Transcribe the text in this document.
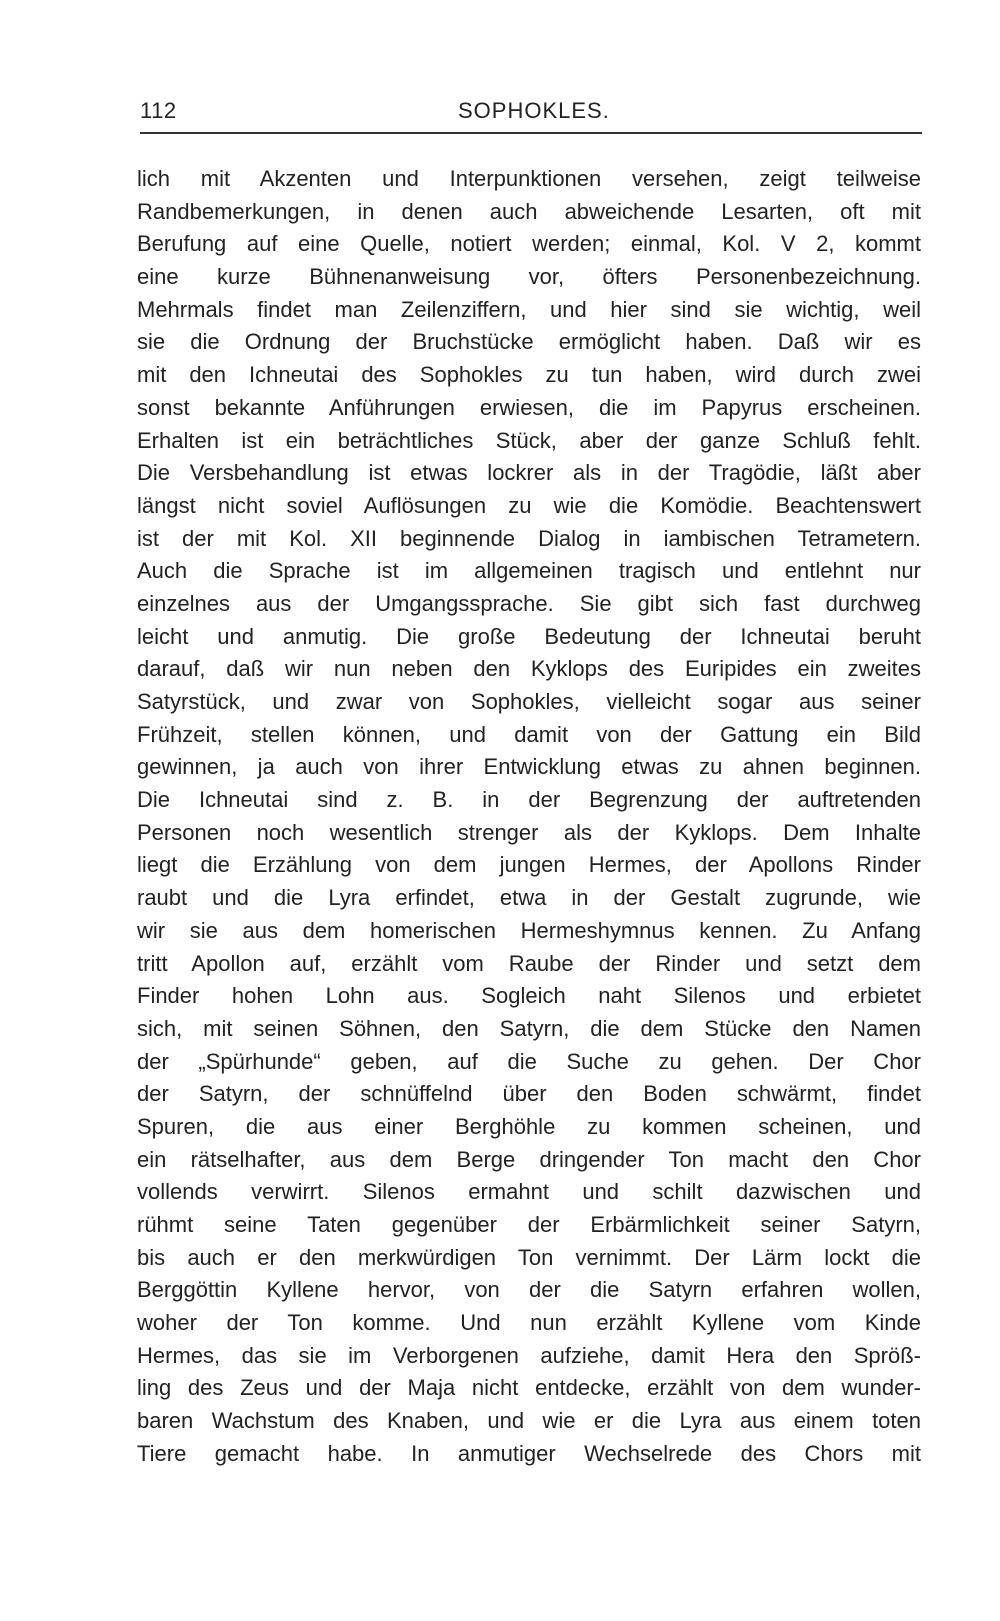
112	SOPHOKLES.
lich mit Akzenten und Interpunktionen versehen, zeigt teilweise
Randbemerkungen, in denen auch abweichende Lesarten, oft mit
Berufung auf eine Quelle, notiert werden; einmal, Kol. V 2, kommt
eine kurze Bühnenanweisung vor, öfters Personenbezeichnung.
Mehrmals findet man Zeilenziffern, und hier sind sie wichtig, weil
sie die Ordnung der Bruchstücke ermöglicht haben. Daß wir es
mit den Ichneutai des Sophokles zu tun haben, wird durch zwei
sonst bekannte Anführungen erwiesen, die im Papyrus erscheinen.
Erhalten ist ein beträchtliches Stück, aber der ganze Schluß fehlt.
Die Versbehandlung ist etwas lockrer als in der Tragödie, läßt aber
längst nicht soviel Auflösungen zu wie die Komödie. Beachtenswert
ist der mit Kol. XII beginnende Dialog in iambischen Tetrametern.
Auch die Sprache ist im allgemeinen tragisch und entlehnt nur
einzelnes aus der Umgangssprache. Sie gibt sich fast durchweg
leicht und anmutig. Die große Bedeutung der Ichneutai beruht
darauf, daß wir nun neben den Kyklops des Euripides ein zweites
Satyrstück, und zwar von Sophokles, vielleicht sogar aus seiner
Frühzeit, stellen können, und damit von der Gattung ein Bild
gewinnen, ja auch von ihrer Entwicklung etwas zu ahnen beginnen.
Die Ichneutai sind z. B. in der Begrenzung der auftretenden
Personen noch wesentlich strenger als der Kyklops. Dem Inhalte
liegt die Erzählung von dem jungen Hermes, der Apollons Rinder
raubt und die Lyra erfindet, etwa in der Gestalt zugrunde, wie
wir sie aus dem homerischen Hermeshymnus kennen. Zu Anfang
tritt Apollon auf, erzählt vom Raube der Rinder und setzt dem
Finder hohen Lohn aus. Sogleich naht Silenos und erbietet
sich, mit seinen Söhnen, den Satyrn, die dem Stücke den Namen
der „Spürhunde“ geben, auf die Suche zu gehen. Der Chor
der Satyrn, der schnüffelnd über den Boden schwärmt, findet
Spuren, die aus einer Berghöhle zu kommen scheinen, und
ein rätselhafter, aus dem Berge dringender Ton macht den Chor
vollends verwirrt. Silenos ermahnt und schilt dazwischen und
rühmt seine Taten gegenüber der Erbärmlichkeit seiner Satyrn,
bis auch er den merkwürdigen Ton vernimmt. Der Lärm lockt die
Berggöttin Kyllene hervor, von der die Satyrn erfahren wollen,
woher der Ton komme. Und nun erzählt Kyllene vom Kinde
Hermes, das sie im Verborgenen aufziehe, damit Hera den Spröß-
ling des Zeus und der Maja nicht entdecke, erzählt von dem wunder-
baren Wachstum des Knaben, und wie er die Lyra aus einem toten
Tiere gemacht habe. In anmutiger Wechselrede des Chors mit
